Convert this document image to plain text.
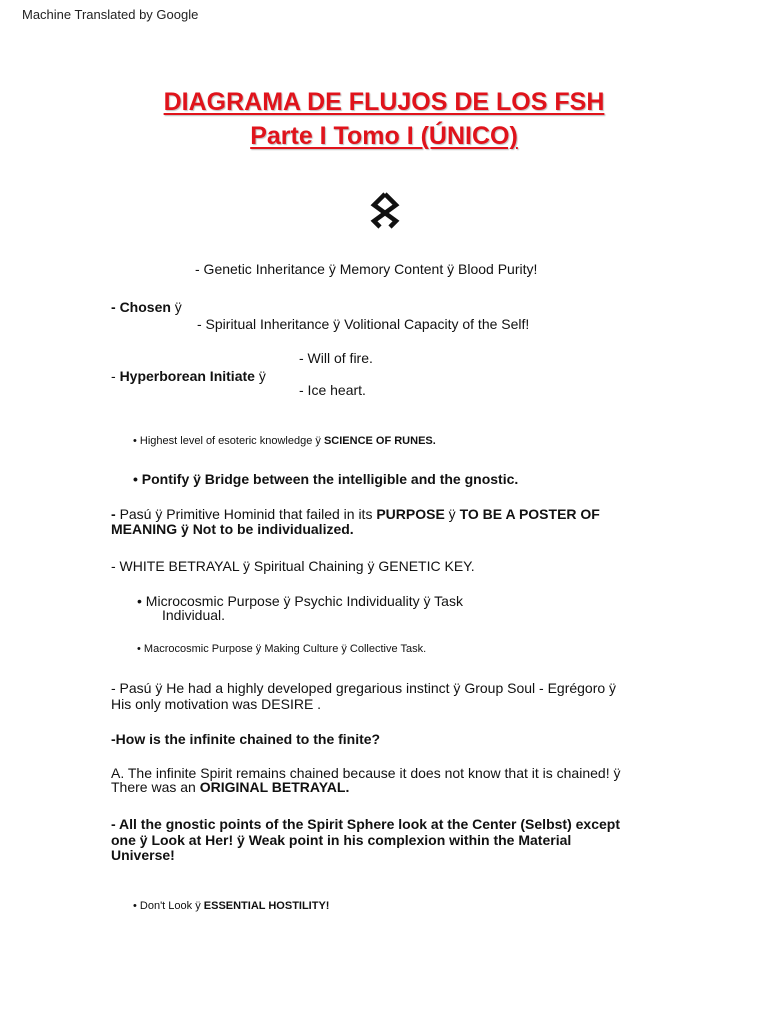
Machine Translated by Google
DIAGRAMA DE FLUJOS DE LOS FSH
Parte I Tomo I (ÚNICO)
- Genetic Inheritance ÿ Memory Content ÿ Blood Purity!
- Chosen ÿ
- Spiritual Inheritance ÿ Volitional Capacity of the Self!
- Will of fire.
- Hyperborean Initiate ÿ
- Ice heart.
• Highest level of esoteric knowledge ÿ SCIENCE OF RUNES.
• Pontify ÿ Bridge between the intelligible and the gnostic.
- Pasú ÿ Primitive Hominid that failed in its PURPOSE ÿ TO BE A POSTER OF
MEANING ÿ Not to be individualized.
- WHITE BETRAYAL ÿ Spiritual Chaining ÿ GENETIC KEY.
• Microcosmic Purpose ÿ Psychic Individuality ÿ Task
Individual.
• Macrocosmic Purpose ÿ Making Culture ÿ Collective Task.
- Pasú ÿ He had a highly developed gregarious instinct ÿ Group Soul - Egrégoro ÿ
His only motivation was DESIRE .
-How is the infinite chained to the finite?
A. The infinite Spirit remains chained because it does not know that it is chained! ÿ
There was an ORIGINAL BETRAYAL.
- All the gnostic points of the Spirit Sphere look at the Center (Selbst) except
one ÿ Look at Her! ÿ Weak point in his complexion within the Material
Universe!
• Don't Look ÿ ESSENTIAL HOSTILITY!
